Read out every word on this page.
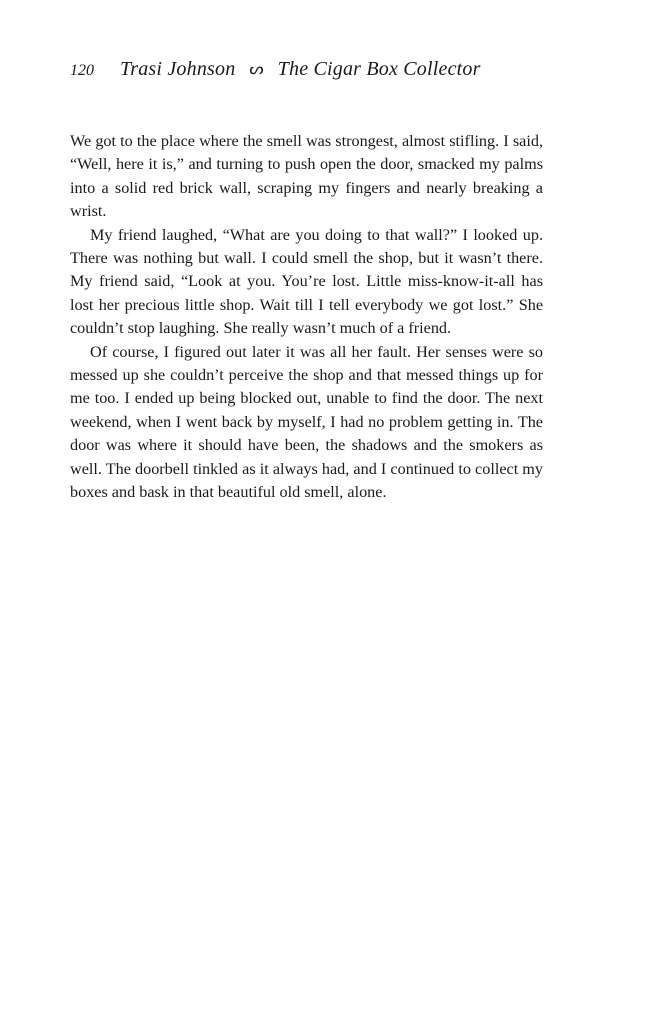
120 Trasi Johnson ᔕ The Cigar Box Collector

We got to the place where the smell was strongest, almost stifling. I said, “Well, here it is,” and turning to push open the door, smacked my palms into a solid red brick wall, scraping my fingers and nearly breaking a wrist.

My friend laughed, “What are you doing to that wall?” I looked up. There was nothing but wall. I could smell the shop, but it wasn’t there. My friend said, “Look at you. You’re lost. Little miss-know-it-all has lost her precious little shop. Wait till I tell everybody we got lost.” She couldn’t stop laughing. She really wasn’t much of a friend.

Of course, I figured out later it was all her fault. Her senses were so messed up she couldn’t perceive the shop and that messed things up for me too. I ended up being blocked out, unable to find the door. The next weekend, when I went back by myself, I had no problem getting in. The door was where it should have been, the shadows and the smokers as well. The doorbell tinkled as it always had, and I continued to collect my boxes and bask in that beautiful old smell, alone.
